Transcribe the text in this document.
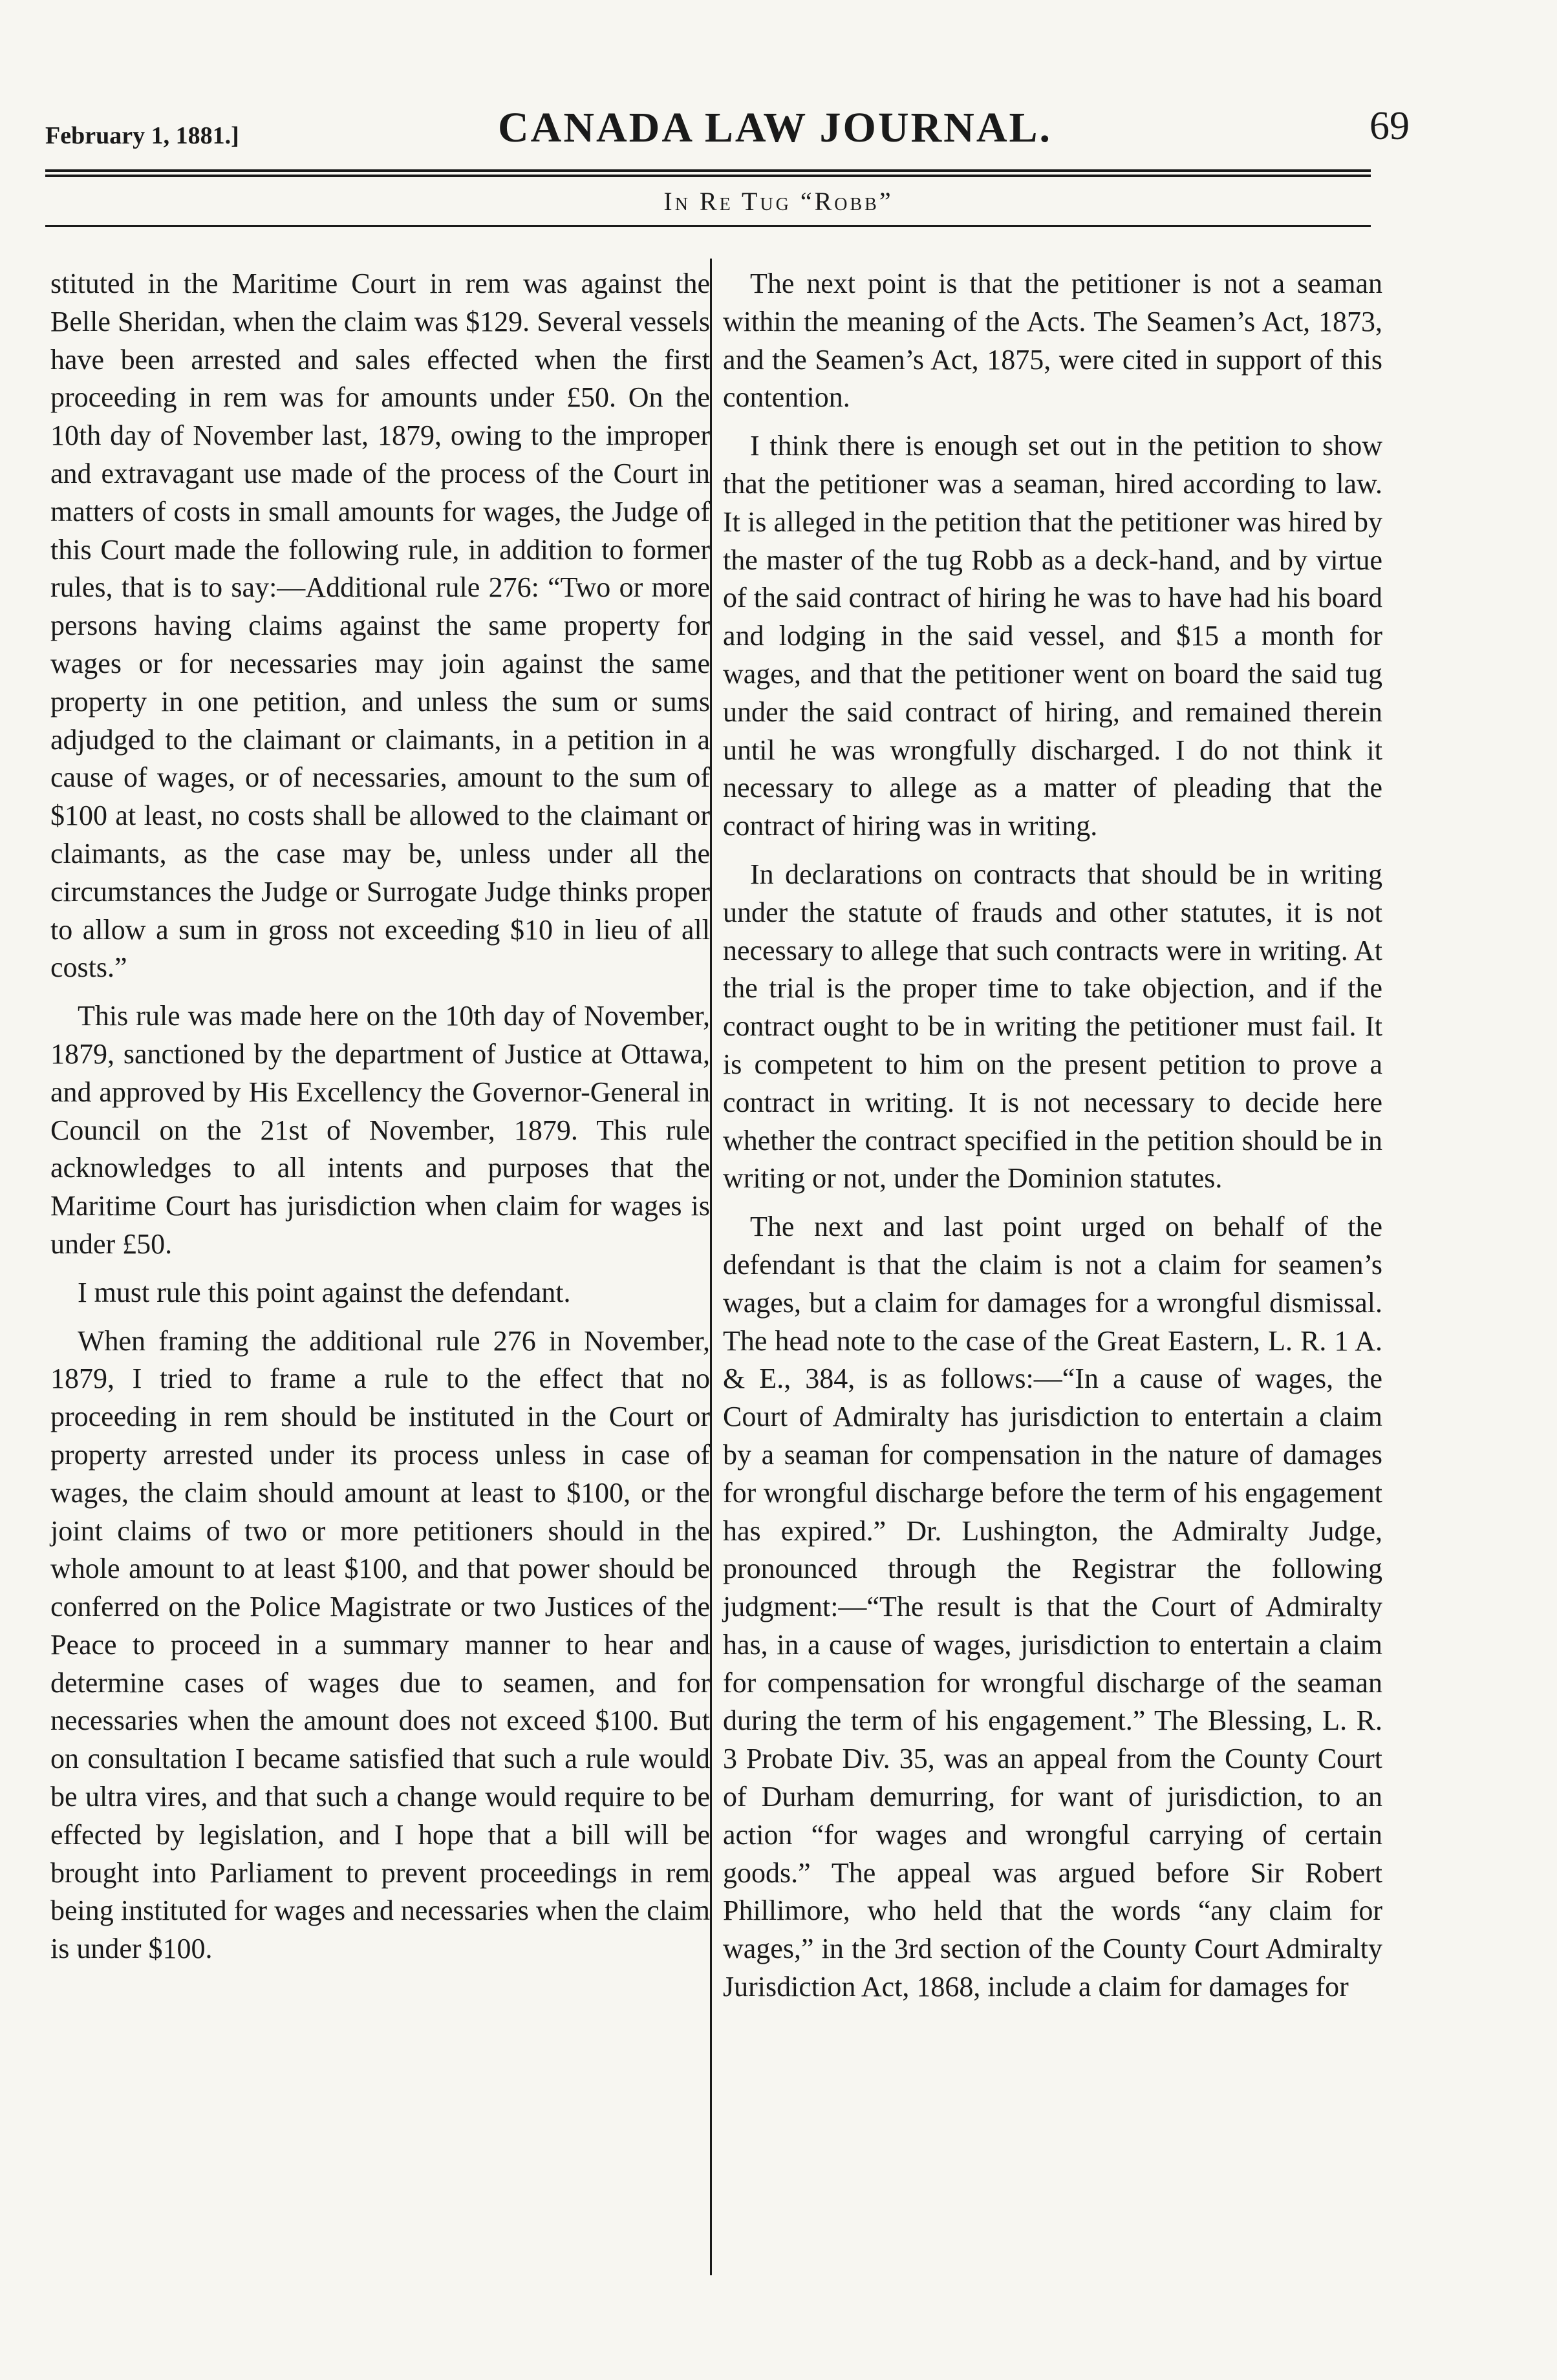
February 1, 1881.]	CANADA LAW JOURNAL.	69
In Re Tug “Robb”

stituted in the Maritime Court in rem was against the Belle Sheridan, when the claim was $129. Several vessels have been arrested and sales effected when the first proceeding in rem was for amounts under £50. On the 10th day of November last, 1879, owing to the improper and extravagant use made of the process of the Court in matters of costs in small amounts for wages, the Judge of this Court made the following rule, in addition to former rules, that is to say:—Additional rule 276: “Two or more persons having claims against the same property for wages or for necessaries may join against the same property in one petition, and unless the sum or sums adjudged to the claimant or claimants, in a petition in a cause of wages, or of necessaries, amount to the sum of $100 at least, no costs shall be allowed to the claimant or claimants, as the case may be, unless under all the circumstances the Judge or Surrogate Judge thinks proper to allow a sum in gross not exceeding $10 in lieu of all costs.”

This rule was made here on the 10th day of November, 1879, sanctioned by the department of Justice at Ottawa, and approved by His Excellency the Governor-General in Council on the 21st of November, 1879. This rule acknowledges to all intents and purposes that the Maritime Court has jurisdiction when claim for wages is under £50.

I must rule this point against the defendant.

When framing the additional rule 276 in November, 1879, I tried to frame a rule to the effect that no proceeding in rem should be instituted in the Court or property arrested under its process unless in case of wages, the claim should amount at least to $100, or the joint claims of two or more petitioners should in the whole amount to at least $100, and that power should be conferred on the Police Magistrate or two Justices of the Peace to proceed in a summary manner to hear and determine cases of wages due to seamen, and for necessaries when the amount does not exceed $100. But on consultation I became satisfied that such a rule would be ultra vires, and that such a change would require to be effected by legislation, and I hope that a bill will be brought into Parliament to prevent proceedings in rem being instituted for wages and necessaries when the claim is under $100.

The next point is that the petitioner is not a seaman within the meaning of the Acts. The Seamen’s Act, 1873, and the Seamen’s Act, 1875, were cited in support of this contention.

I think there is enough set out in the petition to show that the petitioner was a seaman, hired according to law. It is alleged in the petition that the petitioner was hired by the master of the tug Robb as a deck-hand, and by virtue of the said contract of hiring he was to have had his board and lodging in the said vessel, and $15 a month for wages, and that the petitioner went on board the said tug under the said contract of hiring, and remained therein until he was wrongfully discharged. I do not think it necessary to allege as a matter of pleading that the contract of hiring was in writing.

In declarations on contracts that should be in writing under the statute of frauds and other statutes, it is not necessary to allege that such contracts were in writing. At the trial is the proper time to take objection, and if the contract ought to be in writing the petitioner must fail. It is competent to him on the present petition to prove a contract in writing. It is not necessary to decide here whether the contract specified in the petition should be in writing or not, under the Dominion statutes.

The next and last point urged on behalf of the defendant is that the claim is not a claim for seamen’s wages, but a claim for damages for a wrongful dismissal. The head note to the case of the Great Eastern, L. R. 1 A. & E., 384, is as follows:—“In a cause of wages, the Court of Admiralty has jurisdiction to entertain a claim by a seaman for compensation in the nature of damages for wrongful discharge before the term of his engagement has expired.” Dr. Lushington, the Admiralty Judge, pronounced through the Registrar the following judgment:—“The result is that the Court of Admiralty has, in a cause of wages, jurisdiction to entertain a claim for compensation for wrongful discharge of the seaman during the term of his engagement.” The Blessing, L. R. 3 Probate Div. 35, was an appeal from the County Court of Durham demurring, for want of jurisdiction, to an action “for wages and wrongful carrying of certain goods.” The appeal was argued before Sir Robert Phillimore, who held that the words “any claim for wages,” in the 3rd section of the County Court Admiralty Jurisdiction Act, 1868, include a claim for damages for
